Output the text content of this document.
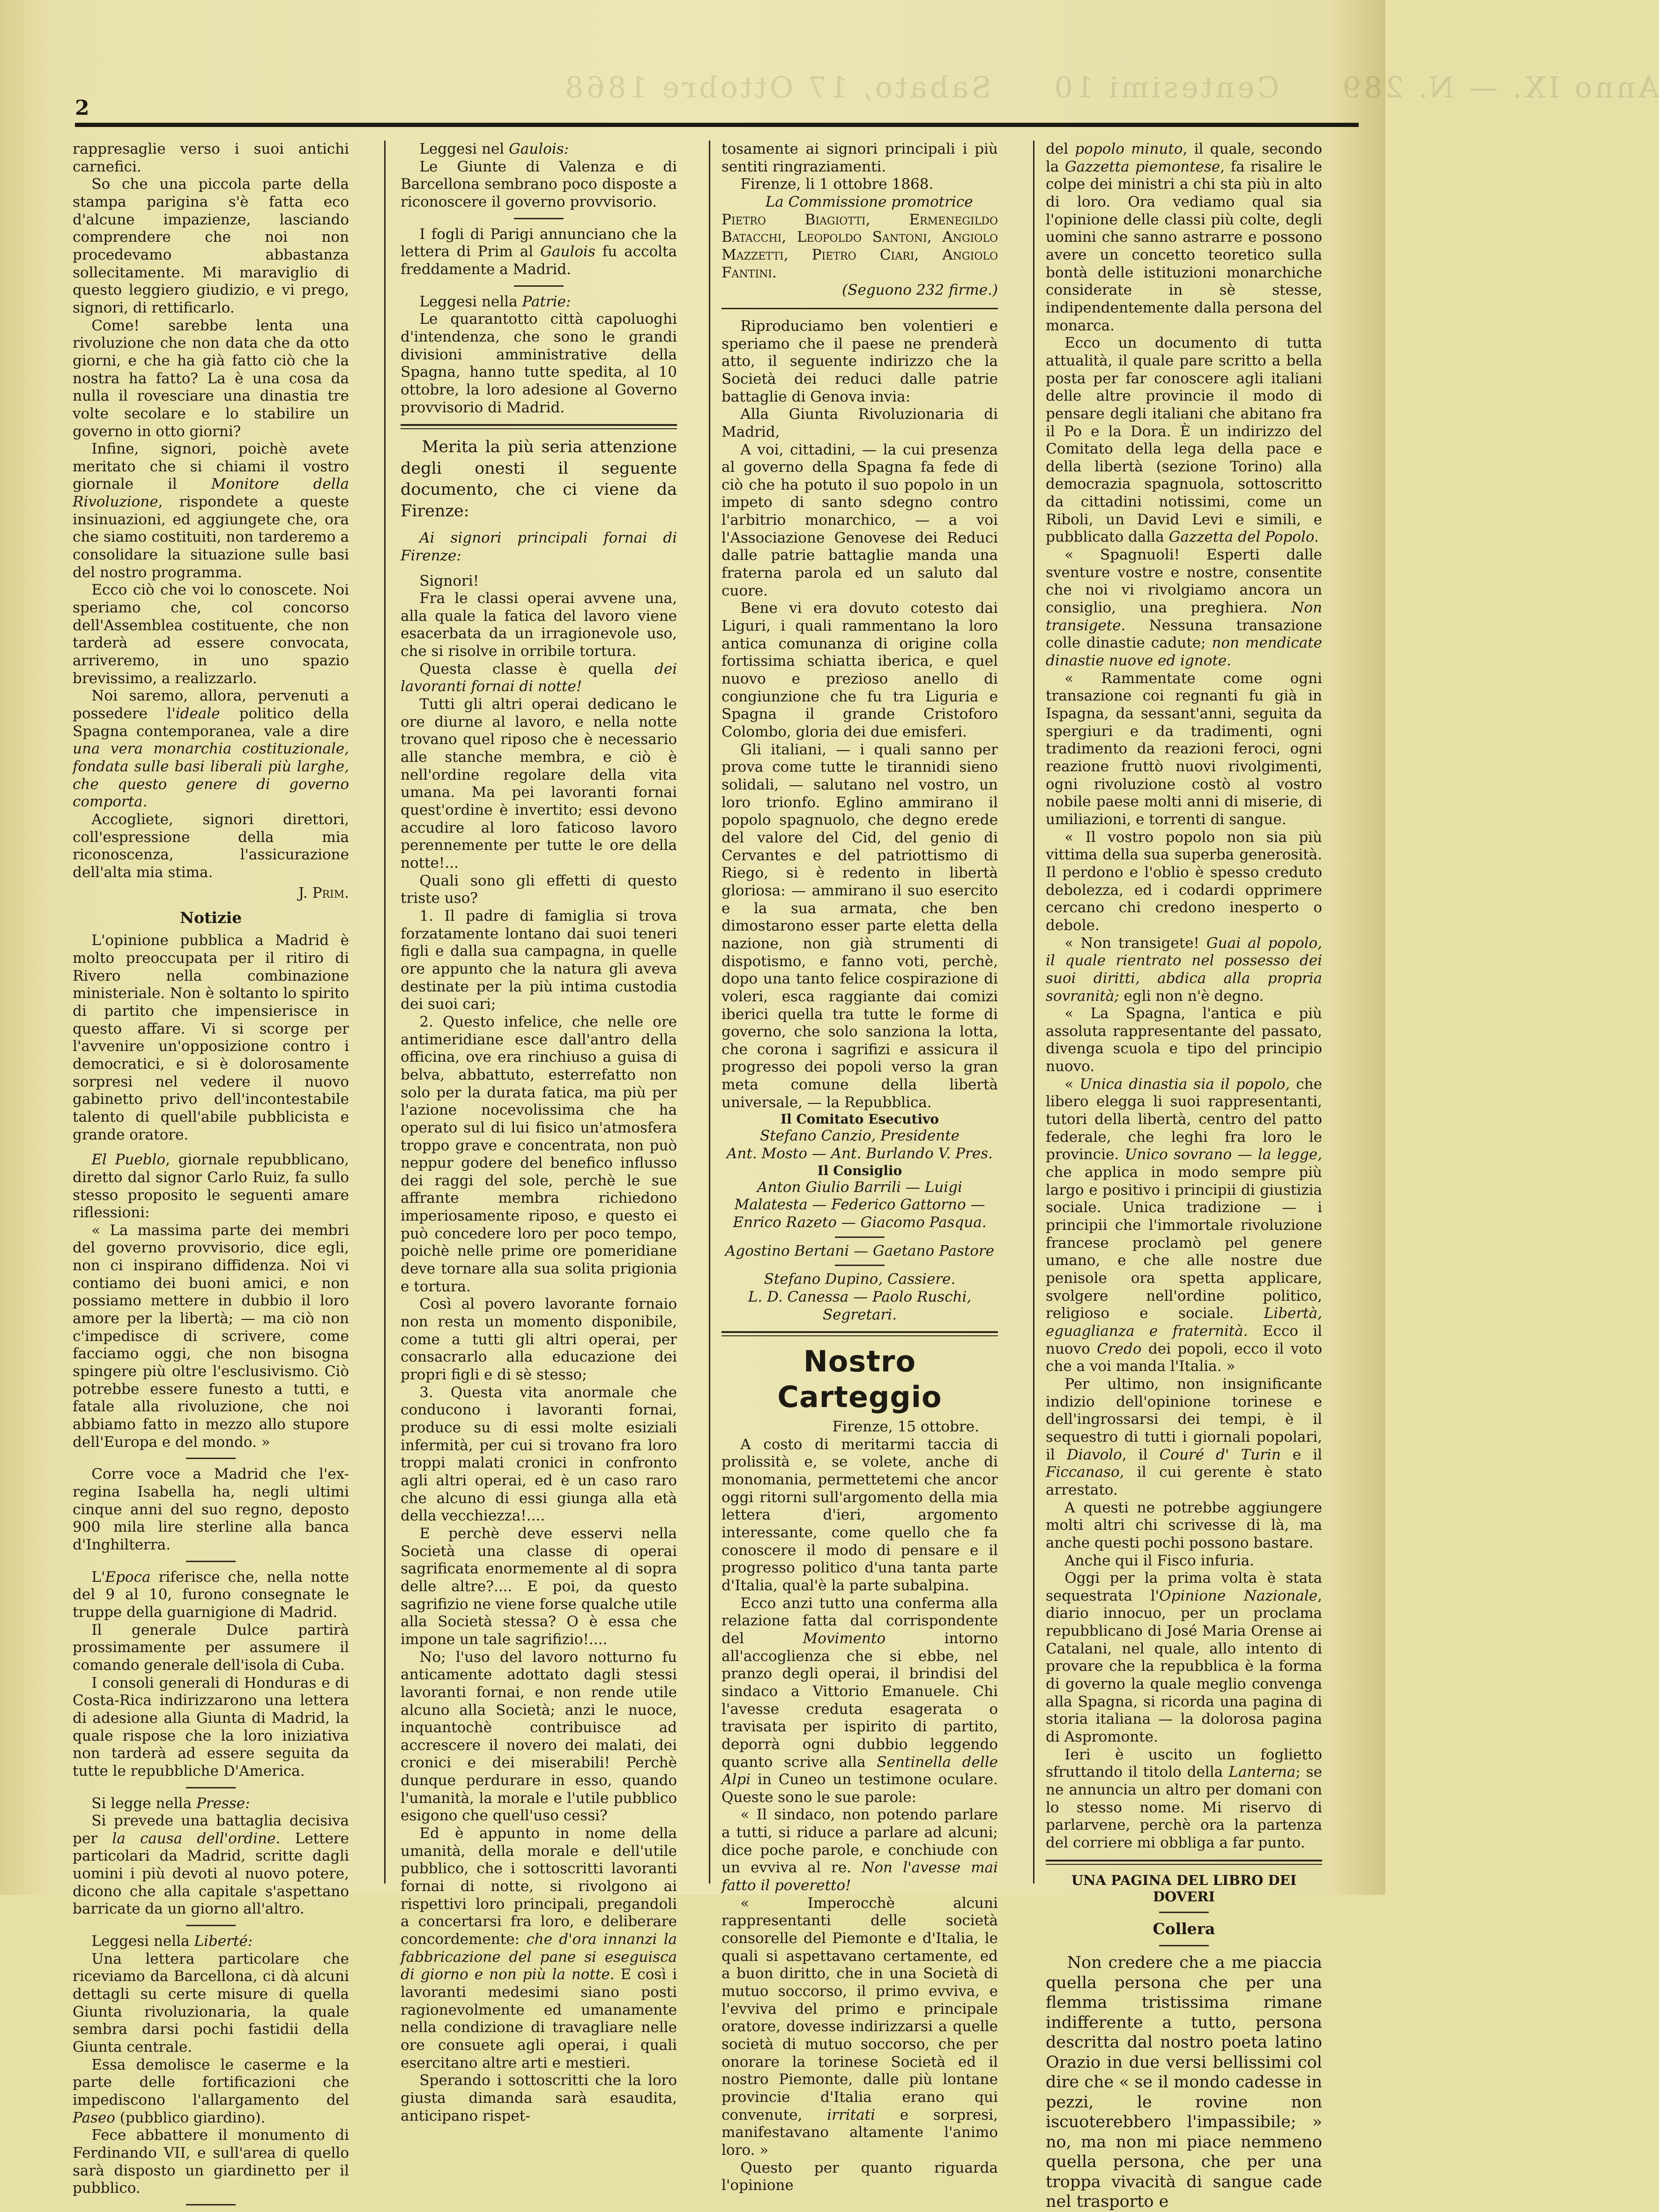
Anno IX. — N. 289     Centesimi 10     Sabato, 17 Ottobre 1868
2

rappresaglie verso i suoi antichi carnefici.

So che una piccola parte della stampa parigina s'è fatta eco d'alcune impazienze, lasciando comprendere che noi non procedevamo abbastanza sollecitamente. Mi maraviglio di questo leggiero giudizio, e vi prego, signori, di rettificarlo.

Come! sarebbe lenta una rivoluzione che non data che da otto giorni, e che ha già fatto ciò che la nostra ha fatto? La è una cosa da nulla il rovesciare una dinastia tre volte secolare e lo stabilire un governo in otto giorni?

Infine, signori, poichè avete meritato che si chiami il vostro giornale il Monitore della Rivoluzione, rispondete a queste insinuazioni, ed aggiungete che, ora che siamo costituiti, non tarderemo a consolidare la situazione sulle basi del nostro programma.

Ecco ciò che voi lo conoscete. Noi speriamo che, col concorso dell'Assemblea costituente, che non tarderà ad essere convocata, arriveremo, in uno spazio brevissimo, a realizzarlo.

Noi saremo, allora, pervenuti a possedere l'ideale politico della Spagna contemporanea, vale a dire una vera monarchia costituzionale, fondata sulle basi liberali più larghe, che questo genere di governo comporta.

Accogliete, signori direttori, coll'espressione della mia riconoscenza, l'assicurazione dell'alta mia stima.

J. Prim.
Notizie

L'opinione pubblica a Madrid è molto preoccupata per il ritiro di Rivero nella combinazione ministeriale. Non è soltanto lo spirito di partito che impensierisce in questo affare. Vi si scorge per l'avvenire un'opposizione contro i democratici, e si è dolorosamente sorpresi nel vedere il nuovo gabinetto privo dell'incontestabile talento di quell'abile pubblicista e grande oratore.

El Pueblo, giornale repubblicano, diretto dal signor Carlo Ruiz, fa sullo stesso proposito le seguenti amare riflessioni:

« La massima parte dei membri del governo provvisorio, dice egli, non ci inspirano diffidenza. Noi vi contiamo dei buoni amici, e non possiamo mettere in dubbio il loro amore per la libertà; — ma ciò non c'impedisce di scrivere, come facciamo oggi, che non bisogna spingere più oltre l'esclusivismo. Ciò potrebbe essere funesto a tutti, e fatale alla rivoluzione, che noi abbiamo fatto in mezzo allo stupore dell'Europa e del mondo. »

Corre voce a Madrid che l'ex-regina Isabella ha, negli ultimi cinque anni del suo regno, deposto 900 mila lire sterline alla banca d'Inghilterra.

L'Epoca riferisce che, nella notte del 9 al 10, furono consegnate le truppe della guarnigione di Madrid.

Il generale Dulce partirà prossimamente per assumere il comando generale dell'isola di Cuba.

I consoli generali di Honduras e di Costa-Rica indirizzarono una lettera di adesione alla Giunta di Madrid, la quale rispose che la loro iniziativa non tarderà ad essere seguita da tutte le repubbliche D'America.

Si legge nella Presse:

Si prevede una battaglia decisiva per la causa dell'ordine. Lettere particolari da Madrid, scritte dagli uomini i più devoti al nuovo potere, dicono che alla capitale s'aspettano barricate da un giorno all'altro.

Leggesi nella Liberté:

Una lettera particolare che riceviamo da Barcellona, ci dà alcuni dettagli su certe misure di quella Giunta rivoluzionaria, la quale sembra darsi pochi fastidii della Giunta centrale.

Essa demolisce le caserme e la parte delle fortificazioni che impediscono l'allargamento del Paseo (pubblico giardino).

Fece abbattere il monumento di Ferdinando VII, e sull'area di quello sarà disposto un giardinetto per il pubblico.

Leggesi nel Gaulois:

Le Giunte di Valenza e di Barcellona sembrano poco disposte a riconoscere il governo provvisorio.

I fogli di Parigi annunciano che la lettera di Prim al Gaulois fu accolta freddamente a Madrid.

Leggesi nella Patrie:

Le quarantotto città capoluoghi d'intendenza, che sono le grandi divisioni amministrative della Spagna, hanno tutte spedita, al 10 ottobre, la loro adesione al Governo provvisorio di Madrid.

Merita la più seria attenzione degli onesti il seguente documento, che ci viene da Firenze:

Ai signori principali fornai di Firenze:

Signori!

Fra le classi operai avvene una, alla quale la fatica del lavoro viene esacerbata da un irragionevole uso, che si risolve in orribile tortura.

Questa classe è quella dei lavoranti fornai di notte!

Tutti gli altri operai dedicano le ore diurne al lavoro, e nella notte trovano quel riposo che è necessario alle stanche membra, e ciò è nell'ordine regolare della vita umana. Ma pei lavoranti fornai quest'ordine è invertito; essi devono accudire al loro faticoso lavoro perennemente per tutte le ore della notte!...

Quali sono gli effetti di questo triste uso?

1. Il padre di famiglia si trova forzatamente lontano dai suoi teneri figli e dalla sua campagna, in quelle ore appunto che la natura gli aveva destinate per la più intima custodia dei suoi cari;

2. Questo infelice, che nelle ore antimeridiane esce dall'antro della officina, ove era rinchiuso a guisa di belva, abbattuto, esterrefatto non solo per la durata fatica, ma più per l'azione nocevolissima che ha operato sul di lui fisico un'atmosfera troppo grave e concentrata, non può neppur godere del benefico influsso dei raggi del sole, perchè le sue affrante membra richiedono imperiosamente riposo, e questo ei può concedere loro per poco tempo, poichè nelle prime ore pomeridiane deve tornare alla sua solita prigionia e tortura.

Così al povero lavorante fornaio non resta un momento disponibile, come a tutti gli altri operai, per consacrarlo alla educazione dei propri figli e di sè stesso;

3. Questa vita anormale che conducono i lavoranti fornai, produce su di essi molte esiziali infermità, per cui si trovano fra loro troppi malati cronici in confronto agli altri operai, ed è un caso raro che alcuno di essi giunga alla età della vecchiezza!....

E perchè deve esservi nella Società una classe di operai sagrificata enormemente al di sopra delle altre?.... E poi, da questo sagrifizio ne viene forse qualche utile alla Società stessa? O è essa che impone un tale sagrifizio!....

No; l'uso del lavoro notturno fu anticamente adottato dagli stessi lavoranti fornai, e non rende utile alcuno alla Società; anzi le nuoce, inquantochè contribuisce ad accrescere il novero dei malati, dei cronici e dei miserabili! Perchè dunque perdurare in esso, quando l'umanità, la morale e l'utile pubblico esigono che quell'uso cessi?

Ed è appunto in nome della umanità, della morale e dell'utile pubblico, che i sottoscritti lavoranti fornai di notte, si rivolgono ai rispettivi loro principali, pregandoli a concertarsi fra loro, e deliberare concordemente: che d'ora innanzi la fabbricazione del pane si eseguisca di giorno e non più la notte. E così i lavoranti medesimi siano posti ragionevolmente ed umanamente nella condizione di travagliare nelle ore consuete agli operai, i quali esercitano altre arti e mestieri.

Sperando i sottoscritti che la loro giusta dimanda sarà esaudita, anticipano rispet-

tosamente ai signori principali i più sentiti ringraziamenti.

Firenze, li 1 ottobre 1868.

La Commissione promotrice

Pietro Biagiotti, Ermenegildo Batacchi, Leopoldo Santoni, Angiolo Mazzetti, Pietro Ciari, Angiolo Fantini.

(Seguono 232 firme.)

Riproduciamo ben volentieri e speriamo che il paese ne prenderà atto, il seguente indirizzo che la Società dei reduci dalle patrie battaglie di Genova invia:

Alla Giunta Rivoluzionaria di Madrid,

A voi, cittadini, — la cui presenza al governo della Spagna fa fede di ciò che ha potuto il suo popolo in un impeto di santo sdegno contro l'arbitrio monarchico, — a voi l'Associazione Genovese dei Reduci dalle patrie battaglie manda una fraterna parola ed un saluto dal cuore.

Bene vi era dovuto cotesto dai Liguri, i quali rammentano la loro antica comunanza di origine colla fortissima schiatta iberica, e quel nuovo e prezioso anello di congiunzione che fu tra Liguria e Spagna il grande Cristoforo Colombo, gloria dei due emisferi.

Gli italiani, — i quali sanno per prova come tutte le tirannidi sieno solidali, — salutano nel vostro, un loro trionfo. Eglino ammirano il popolo spagnuolo, che degno erede del valore del Cid, del genio di Cervantes e del patriottismo di Riego, si è redento in libertà gloriosa: — ammirano il suo esercito e la sua armata, che ben dimostarono esser parte eletta della nazione, non già strumenti di dispotismo, e fanno voti, perchè, dopo una tanto felice cospirazione di voleri, esca raggiante dai comizi iberici quella tra tutte le forme di governo, che solo sanziona la lotta, che corona i sagrifizi e assicura il progresso dei popoli verso la gran meta comune della libertà universale, — la Repubblica.

Il Comitato Esecutivo
Stefano Canzio, Presidente
Ant. Mosto — Ant. Burlando V. Pres.
Il Consiglio
Anton Giulio Barrili — Luigi Malatesta — Federico Gattorno — Enrico Razeto — Giacomo Pasqua.
Agostino Bertani — Gaetano Pastore
Stefano Dupino, Cassiere.
L. D. Canessa — Paolo Ruschi, Segretari.
Nostro Carteggio

Firenze, 15 ottobre.

A costo di meritarmi taccia di prolissità e, se volete, anche di monomania, permettetemi che ancor oggi ritorni sull'argomento della mia lettera d'ieri, argomento interessante, come quello che fa conoscere il modo di pensare e il progresso politico d'una tanta parte d'Italia, qual'è la parte subalpina.

Ecco anzi tutto una conferma alla relazione fatta dal corrispondente del Movimento intorno all'accoglienza che si ebbe, nel pranzo degli operai, il brindisi del sindaco a Vittorio Emanuele. Chi l'avesse creduta esagerata o travisata per ispirito di partito, deporrà ogni dubbio leggendo quanto scrive alla Sentinella delle Alpi in Cuneo un testimone oculare. Queste sono le sue parole:

« Il sindaco, non potendo parlare a tutti, si riduce a parlare ad alcuni; dice poche parole, e conchiude con un evviva al re. Non l'avesse mai fatto il poveretto!

« Imperocchè alcuni rappresentanti delle società consorelle del Piemonte e d'Italia, le quali si aspettavano certamente, ed a buon diritto, che in una Società di mutuo soccorso, il primo evviva, e l'evviva del primo e principale oratore, dovesse indirizzarsi a quelle società di mutuo soccorso, che per onorare la torinese Società ed il nostro Piemonte, dalle più lontane provincie d'Italia erano qui convenute, irritati e sorpresi, manifestavano altamente l'animo loro. »

Questo per quanto riguarda l'opinione

del popolo minuto, il quale, secondo la Gazzetta piemontese, fa risalire le colpe dei ministri a chi sta più in alto di loro. Ora vediamo qual sia l'opinione delle classi più colte, degli uomini che sanno astrarre e possono avere un concetto teoretico sulla bontà delle istituzioni monarchiche considerate in sè stesse, indipendentemente dalla persona del monarca.

Ecco un documento di tutta attualità, il quale pare scritto a bella posta per far conoscere agli italiani delle altre provincie il modo di pensare degli italiani che abitano fra il Po e la Dora. È un indirizzo del Comitato della lega della pace e della libertà (sezione Torino) alla democrazia spagnuola, sottoscritto da cittadini notissimi, come un Riboli, un David Levi e simili, e pubblicato dalla Gazzetta del Popolo.

« Spagnuoli! Esperti dalle sventure vostre e nostre, consentite che noi vi rivolgiamo ancora un consiglio, una preghiera. Non transigete. Nessuna transazione colle dinastie cadute; non mendicate dinastie nuove ed ignote.

« Rammentate come ogni transazione coi regnanti fu già in Ispagna, da sessant'anni, seguita da spergiuri e da tradimenti, ogni tradimento da reazioni feroci, ogni reazione fruttò nuovi rivolgimenti, ogni rivoluzione costò al vostro nobile paese molti anni di miserie, di umiliazioni, e torrenti di sangue.

« Il vostro popolo non sia più vittima della sua superba generosità. Il perdono e l'oblio è spesso creduto debolezza, ed i codardi opprimere cercano chi credono inesperto o debole.

« Non transigete! Guai al popolo, il quale rientrato nel possesso dei suoi diritti, abdica alla propria sovranità; egli non n'è degno.

« La Spagna, l'antica e più assoluta rappresentante del passato, divenga scuola e tipo del principio nuovo.

« Unica dinastia sia il popolo, che libero elegga li suoi rappresentanti, tutori della libertà, centro del patto federale, che leghi fra loro le provincie. Unico sovrano — la legge, che applica in modo sempre più largo e positivo i principii di giustizia sociale. Unica tradizione — i principii che l'immortale rivoluzione francese proclamò pel genere umano, e che alle nostre due penisole ora spetta applicare, svolgere nell'ordine politico, religioso e sociale. Libertà, eguaglianza e fraternità. Ecco il nuovo Credo dei popoli, ecco il voto che a voi manda l'Italia. »

Per ultimo, non insignificante indizio dell'opinione torinese e dell'ingrossarsi dei tempi, è il sequestro di tutti i giornali popolari, il Diavolo, il Couré d' Turin e il Ficcanaso, il cui gerente è stato arrestato.

A questi ne potrebbe aggiungere molti altri chi scrivesse di là, ma anche questi pochi possono bastare.

Anche qui il Fisco infuria.

Oggi per la prima volta è stata sequestrata l'Opinione Nazionale, diario innocuo, per un proclama repubblicano di José Maria Orense ai Catalani, nel quale, allo intento di provare che la repubblica è la forma di governo la quale meglio convenga alla Spagna, si ricorda una pagina di storia italiana — la dolorosa pagina di Aspromonte.

Ieri è uscito un foglietto sfruttando il titolo della Lanterna; se ne annuncia un altro per domani con lo stesso nome. Mi riservo di parlarvene, perchè ora la partenza del corriere mi obbliga a far punto.

UNA PAGINA DEL LIBRO DEI DOVERI
Collera

Non credere che a me piaccia quella persona che per una flemma tristissima rimane indifferente a tutto, persona descritta dal nostro poeta latino Orazio in due versi bellissimi col dire che « se il mondo cadesse in pezzi, le rovine non iscuoterebbero l'impassibile; » no, ma non mi piace nemmeno quella persona, che per una troppa vivacità di sangue cade nel trasporto e
